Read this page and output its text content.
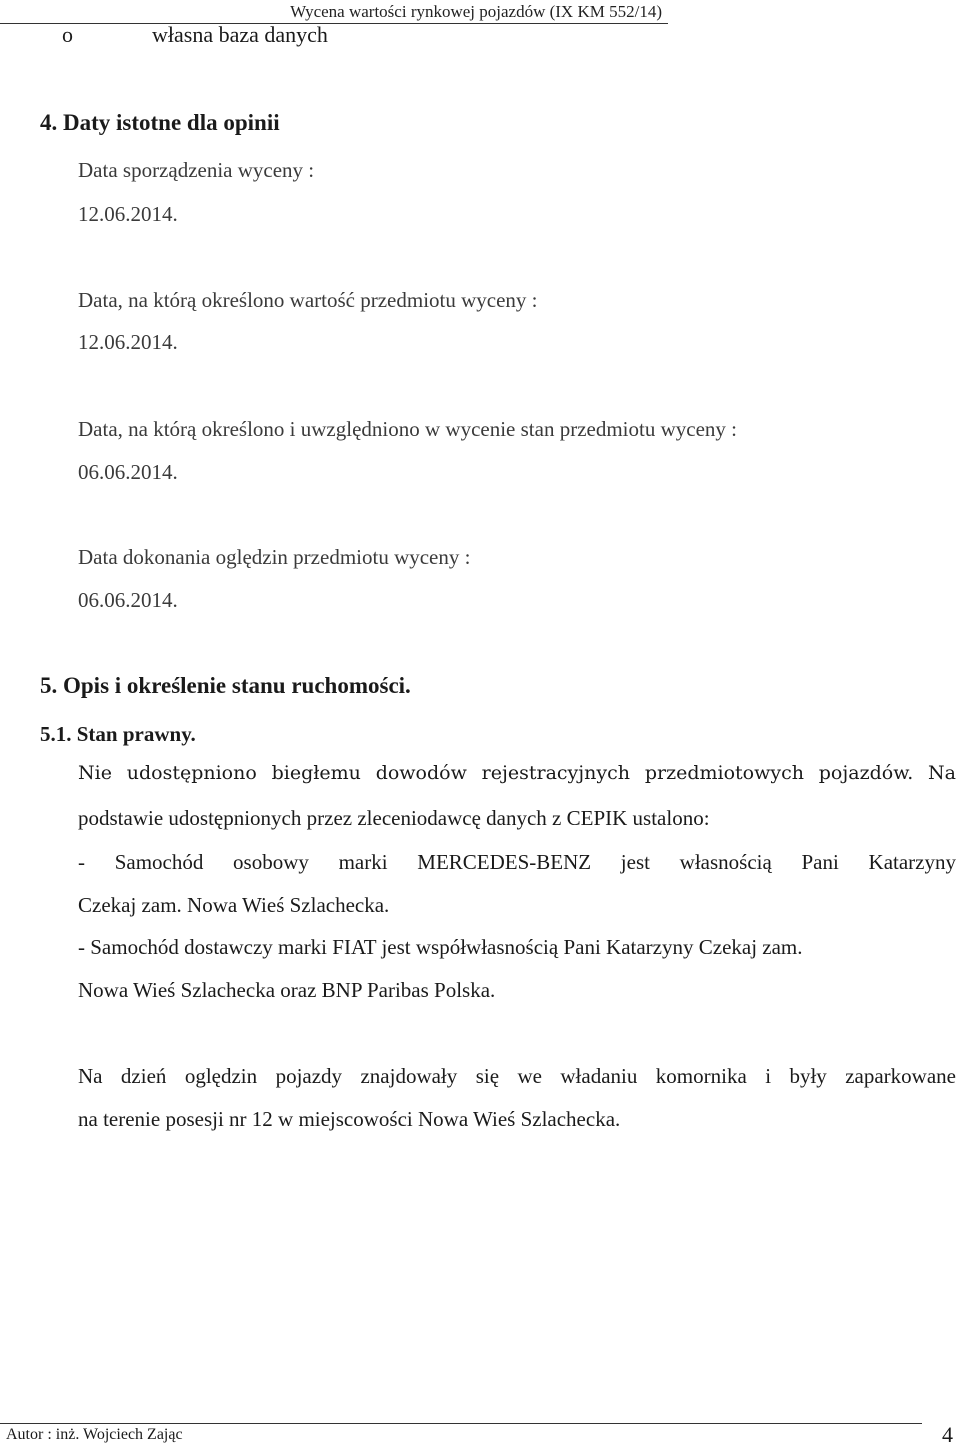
Wycena wartości rynkowej pojazdów (IX KM 552/14)
o	własna baza danych
4. Daty istotne dla opinii
Data sporządzenia wyceny :
12.06.2014.
Data, na którą określono wartość przedmiotu wyceny :
12.06.2014.
Data, na którą określono i uwzględniono w wycenie stan przedmiotu wyceny :
06.06.2014.
Data dokonania oględzin przedmiotu wyceny :
06.06.2014.
5. Opis i określenie stanu ruchomości.
5.1. Stan prawny.
Nie udostępniono biegłemu dowodów rejestracyjnych przedmiotowych pojazdów. Na
podstawie udostępnionych przez zleceniodawcę danych z CEPIK ustalono:
- Samochód osobowy marki MERCEDES-BENZ jest własnością Pani Katarzyny
Czekaj zam. Nowa Wieś Szlachecka.
- Samochód dostawczy marki FIAT jest współwłasnością Pani Katarzyny Czekaj zam.
Nowa Wieś Szlachecka oraz BNP Paribas Polska.
Na dzień oględzin pojazdy znajdowały się we władaniu komornika i były zaparkowane
na terenie posesji nr 12 w miejscowości Nowa Wieś Szlachecka.
Autor : inż. Wojciech Zając	4
